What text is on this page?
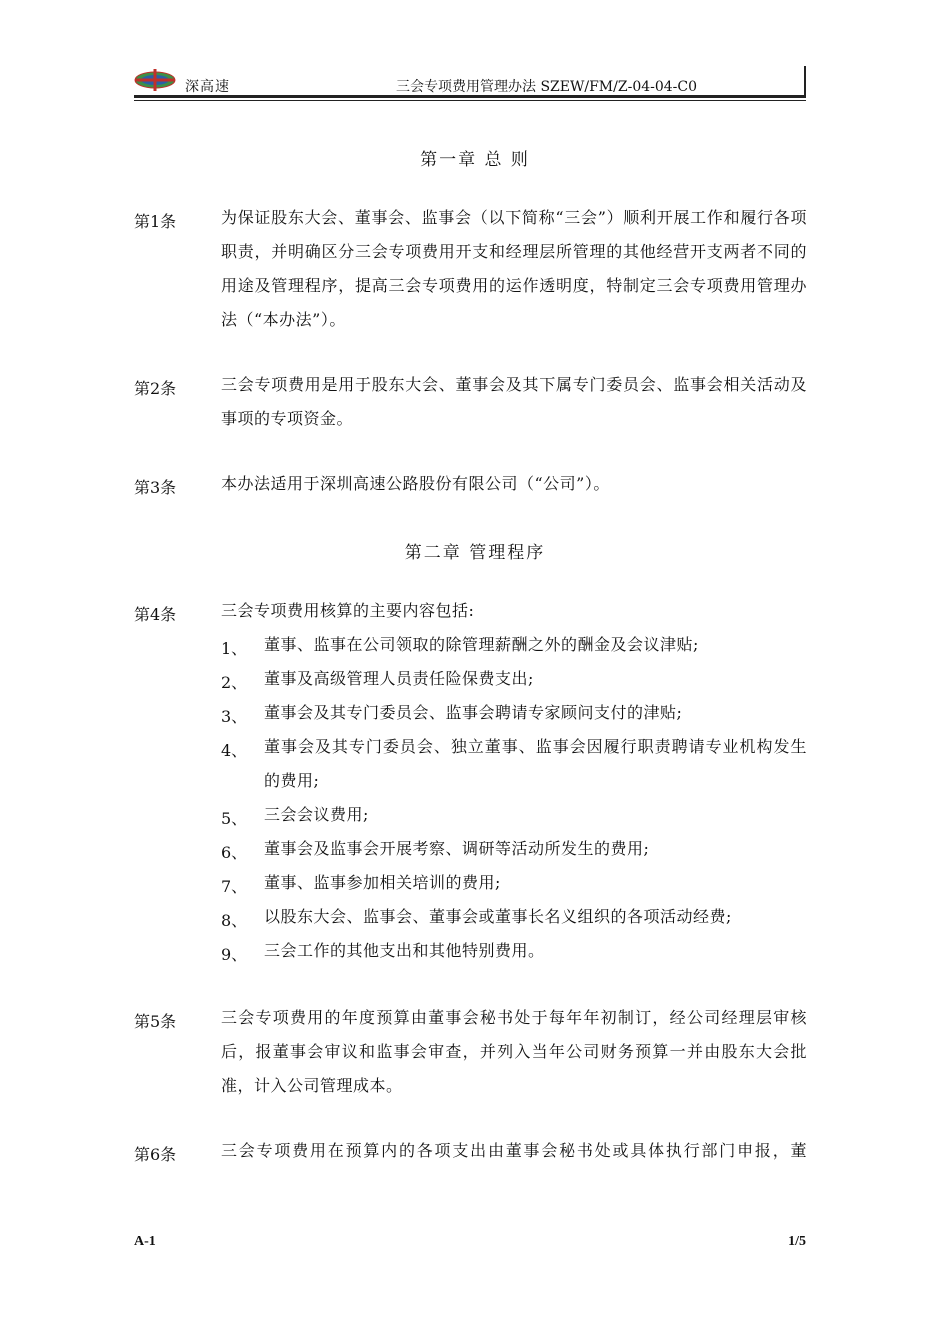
深高速	三会专项费用管理办法 SZEW/FM/Z-04-04-C0
第一章 总 则
第1条	为保证股东大会、董事会、监事会（以下简称“三会”）顺利开展工作和履行各项职责，并明确区分三会专项费用开支和经理层所管理的其他经营开支两者不同的用途及管理程序，提高三会专项费用的运作透明度，特制定三会专项费用管理办法（“本办法”）。
第2条	三会专项费用是用于股东大会、董事会及其下属专门委员会、监事会相关活动及事项的专项资金。
第3条	本办法适用于深圳高速公路股份有限公司（“公司”）。
第二章 管理程序
第4条	三会专项费用核算的主要内容包括:
1、 董事、监事在公司领取的除管理薪酬之外的酬金及会议津贴;
2、 董事及高级管理人员责任险保费支出;
3、 董事会及其专门委员会、监事会聘请专家顾问支付的津贴;
4、 董事会及其专门委员会、独立董事、监事会因履行职责聘请专业机构发生的费用;
5、 三会会议费用;
6、 董事会及监事会开展考察、调研等活动所发生的费用;
7、 董事、监事参加相关培训的费用;
8、 以股东大会、监事会、董事会或董事长名义组织的各项活动经费;
9、 三会工作的其他支出和其他特别费用。
第5条	三会专项费用的年度预算由董事会秘书处于每年年初制订，经公司经理层审核后，报董事会审议和监事会审查，并列入当年公司财务预算一并由股东大会批准，计入公司管理成本。
第6条	三会专项费用在预算内的各项支出由董事会秘书处或具体执行部门申报，董
A-1	1/5
